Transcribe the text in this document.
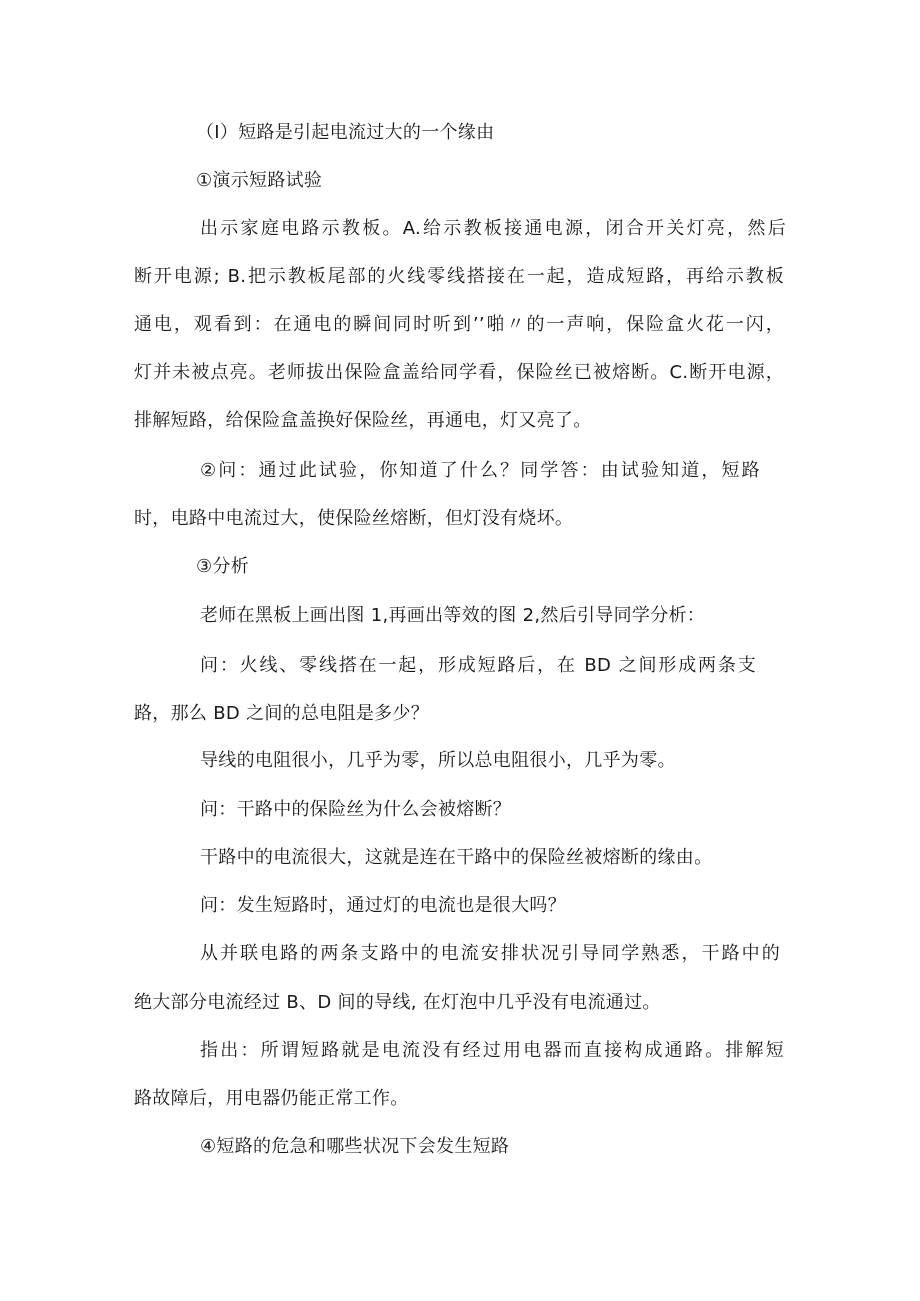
（I）短路是引起电流过大的一个缘由
①演示短路试验
出示家庭电路示教板。A.给示教板接通电源，闭合开关灯亮，然后
断开电源; B.把示教板尾部的火线零线搭接在一起，造成短路，再给示教板
通电，观看到：在通电的瞬间同时听到’’啪〃的一声响，保险盒火花一闪，
灯并未被点亮。老师拔出保险盒盖给同学看，保险丝已被熔断。C.断开电源，
排解短路，给保险盒盖换好保险丝，再通电，灯又亮了。
②问：通过此试验，你知道了什么？同学答：由试验知道，短路
时，电路中电流过大，使保险丝熔断，但灯没有烧坏。
③分析
老师在黑板上画出图 1,再画出等效的图 2,然后引导同学分析：
问：火线、零线搭在一起，形成短路后，在 BD 之间形成两条支
路，那么 BD 之间的总电阻是多少？
导线的电阻很小，几乎为零，所以总电阻很小，几乎为零。
问：干路中的保险丝为什么会被熔断？
干路中的电流很大，这就是连在干路中的保险丝被熔断的缘由。
问：发生短路时，通过灯的电流也是很大吗？
从并联电路的两条支路中的电流安排状况引导同学熟悉，干路中的
绝大部分电流经过 B、D 间的导线, 在灯泡中几乎没有电流通过。
指出：所谓短路就是电流没有经过用电器而直接构成通路。排解短
路故障后，用电器仍能正常工作。
④短路的危急和哪些状况下会发生短路
